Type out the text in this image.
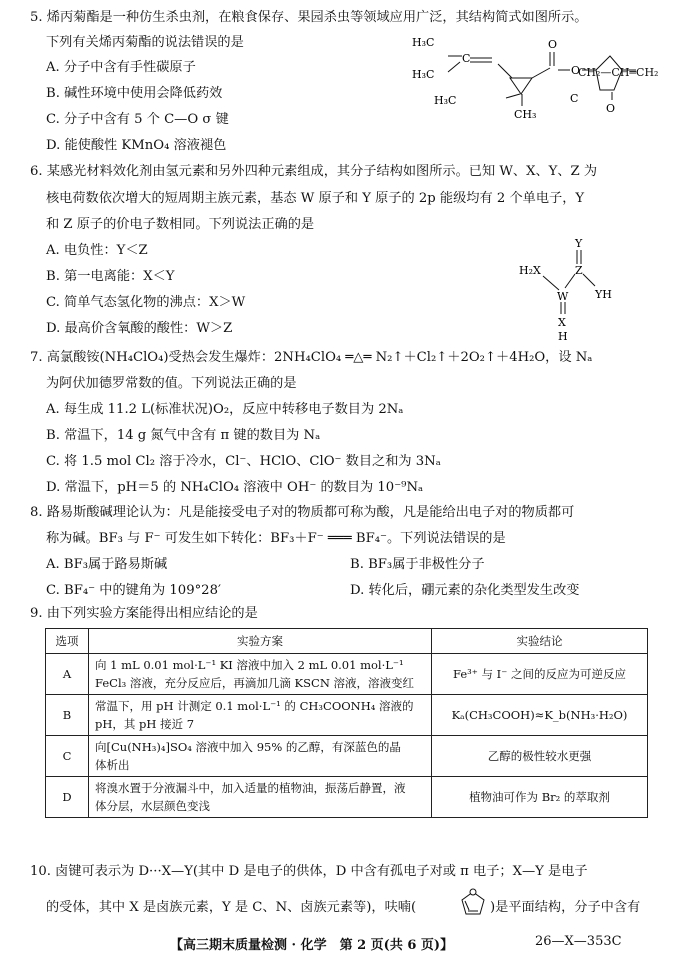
5. 烯丙菊酯是一种仿生杀虫剂，在粮食保存、果园杀虫等领域应用广泛，其结构简式如图所示。
下列有关烯丙菊酯的说法错误的是
A. 分子中含有手性碳原子
B. 碱性环境中使用会降低药效
C. 分子中含有 5 个 C—O σ 键
D. 能使酸性 KMnO₄ 溶液褪色
H₃C
C
H₃C
O
O
H₃C
CH₃	O
C
CH₂—CH═CH₂
6. 某感光材料效化剂由氢元素和另外四种元素组成，其分子结构如图所示。已知 W、X、Y、Z 为
核电荷数依次增大的短周期主族元素，基态 W 原子和 Y 原子的 2p 能级均有 2 个单电子，Y
和 Z 原子的价电子数相同。下列说法正确的是
A. 电负性：Y＜Z
B. 第一电离能：X＜Y
C. 简单气态氢化物的沸点：X＞W
D. 最高价含氧酸的酸性：W＞Z
Y
Z
YH
H₂X
W
X
H
7. 高氯酸铵(NH₄ClO₄)受热会发生爆炸：2NH₄ClO₄ ═△═ N₂↑＋Cl₂↑＋2O₂↑＋4H₂O，设 Nₐ
为阿伏加德罗常数的值。下列说法正确的是
A. 每生成 11.2 L(标准状况)O₂，反应中转移电子数目为 2Nₐ
B. 常温下，14 g 氮气中含有 π 键的数目为 Nₐ
C. 将 1.5 mol Cl₂ 溶于冷水，Cl⁻、HClO、ClO⁻ 数目之和为 3Nₐ
D. 常温下，pH＝5 的 NH₄ClO₄ 溶液中 OH⁻ 的数目为 10⁻⁹Nₐ
8. 路易斯酸碱理论认为：凡是能接受电子对的物质都可称为酸，凡是能给出电子对的物质都可
称为碱。BF₃ 与 F⁻ 可发生如下转化：BF₃＋F⁻ ═══ BF₄⁻。下列说法错误的是
A. BF₃属于路易斯碱	B. BF₃属于非极性分子
C. BF₄⁻ 中的键角为 109°28′	D. 转化后，硼元素的杂化类型发生改变
9. 由下列实验方案能得出相应结论的是
选项	实验方案	实验结论
A	向 1 mL 0.01 mol·L⁻¹ KI 溶液中加入 2 mL 0.01 mol·L⁻¹
FeCl₃ 溶液，充分反应后，再滴加几滴 KSCN 溶液，溶液变红	Fe³⁺ 与 I⁻ 之间的反应为可逆反应
B	常温下，用 pH 计测定 0.1 mol·L⁻¹ 的 CH₃COONH₄ 溶液的
pH，其 pH 接近 7	Kₐ(CH₃COOH)≈K_b(NH₃·H₂O)
C	向[Cu(NH₃)₄]SO₄ 溶液中加入 95% 的乙醇，有深蓝色的晶
体析出	乙醇的极性较水更强
D	将溴水置于分液漏斗中，加入适量的植物油，振荡后静置，液
体分层，水层颜色变浅	植物油可作为 Br₂ 的萃取剂
10. 卤键可表示为 D···X—Y(其中 D 是电子的供体，D 中含有孤电子对或 π 电子；X—Y 是电子
的受体，其中 X 是卤族元素，Y 是 C、N、卤族元素等)，呋喃(	)是平面结构，分子中含有
【高三期末质量检测 · 化学　第 2 页(共 6 页)】	26—X—353C
